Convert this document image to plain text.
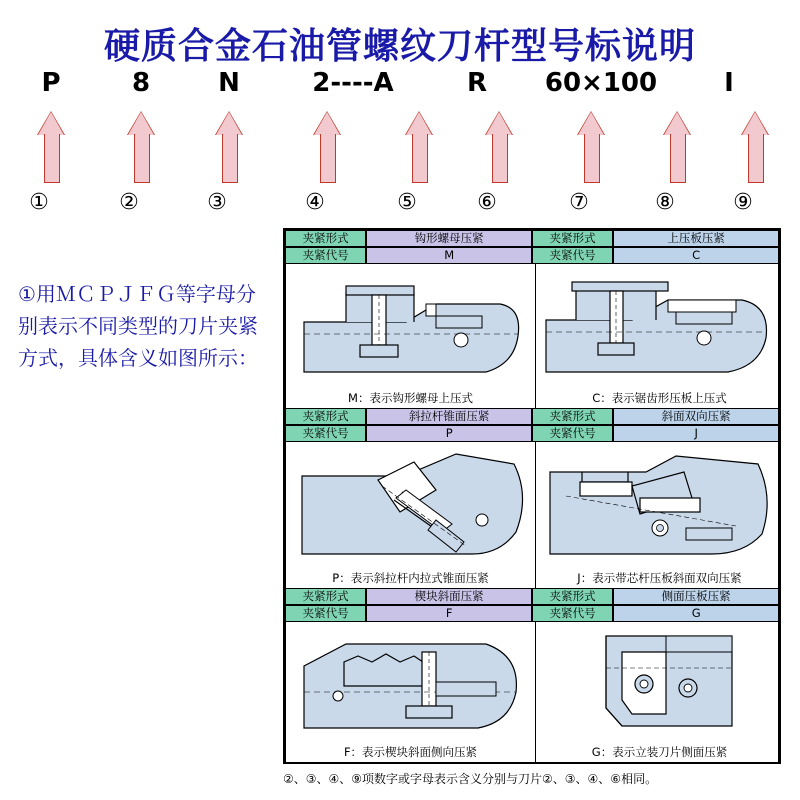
硬质合金石油管螺纹刀杆型号标说明
P	8	N	2----A	R	60×100	Ⅰ
①	②	③	④	⑤	⑥	⑦	⑧	⑨
①用ＭＣＰＪＦＧ等字母分别表示不同类型的刀片夹紧方式，具体含义如图所示：
夹紧形式	钩形螺母压紧	夹紧形式	上压板压紧
夹紧代号	M	夹紧代号	C
M：表示钩形螺母上压式	C：表示锯齿形压板上压式
夹紧形式	斜拉杆锥面压紧	夹紧形式	斜面双向压紧
夹紧代号	P	夹紧代号	J
P：表示斜拉杆内拉式锥面压紧	J：表示带芯杆压板斜面双向压紧
夹紧形式	楔块斜面压紧	夹紧形式	侧面压板压紧
夹紧代号	F	夹紧代号	G
F：表示楔块斜面侧向压紧	G：表示立装刀片侧面压紧
②、③、④、⑨项数字或字母表示含义分别与刀片②、③、④、⑥相同。
